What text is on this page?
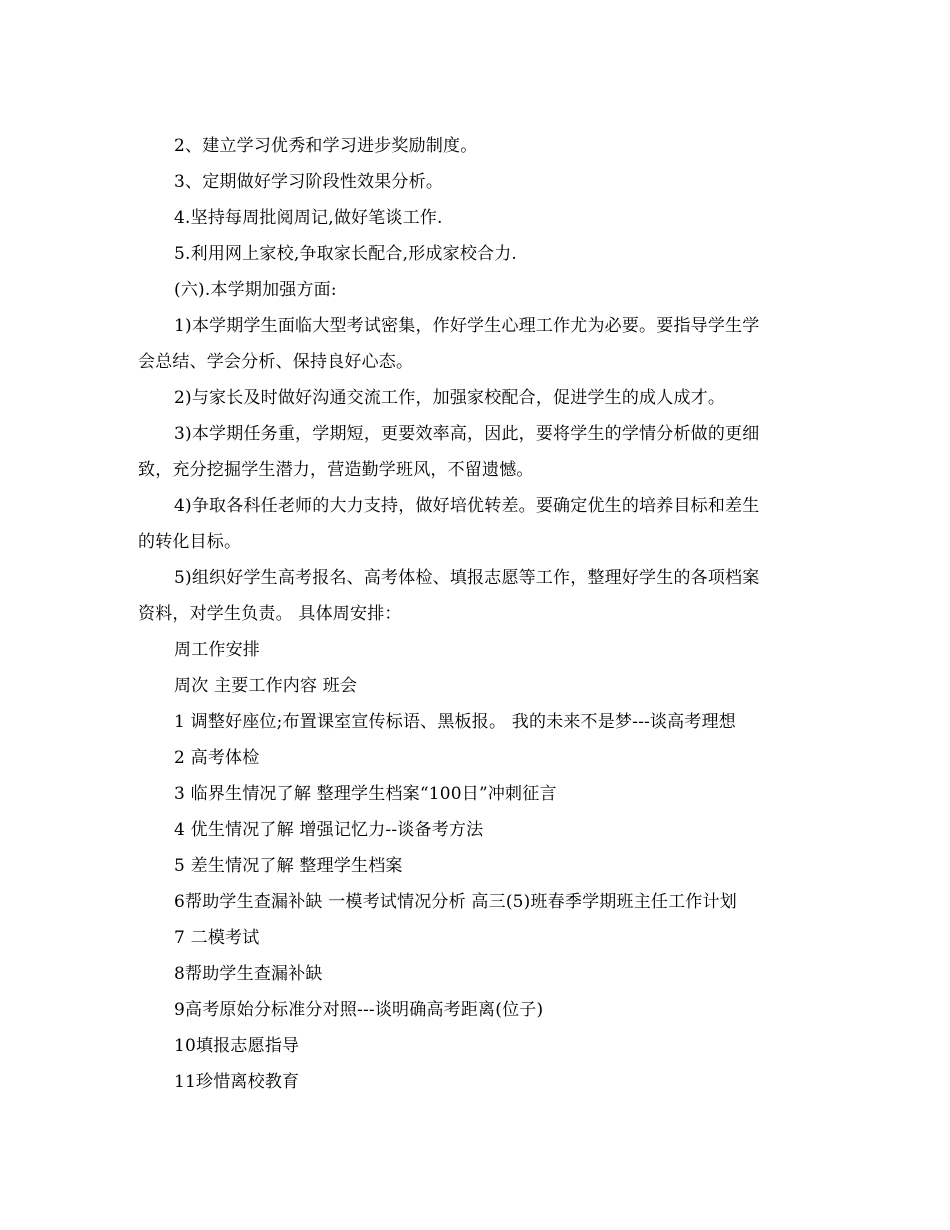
2、建立学习优秀和学习进步奖励制度。
3、定期做好学习阶段性效果分析。
4.坚持每周批阅周记,做好笔谈工作.
5.利用网上家校,争取家长配合,形成家校合力.
(六).本学期加强方面:
1)本学期学生面临大型考试密集，作好学生心理工作尤为必要。要指导学生学
会总结、学会分析、保持良好心态。
2)与家长及时做好沟通交流工作，加强家校配合，促进学生的成人成才。
3)本学期任务重，学期短，更要效率高，因此，要将学生的学情分析做的更细
致，充分挖掘学生潜力，营造勤学班风，不留遗憾。
4)争取各科任老师的大力支持，做好培优转差。要确定优生的培养目标和差生
的转化目标。
5)组织好学生高考报名、高考体检、填报志愿等工作，整理好学生的各项档案
资料，对学生负责。 具体周安排：
周工作安排
周次 主要工作内容 班会
1 调整好座位;布置课室宣传标语、黑板报。 我的未来不是梦---谈高考理想
2 高考体检
3 临界生情况了解 整理学生档案“100日”冲刺征言
4 优生情况了解 增强记忆力--谈备考方法
5 差生情况了解 整理学生档案
6帮助学生查漏补缺 一模考试情况分析 高三(5)班春季学期班主任工作计划
7 二模考试
8帮助学生查漏补缺
9高考原始分标准分对照---谈明确高考距离(位子)
10填报志愿指导
11珍惜离校教育
